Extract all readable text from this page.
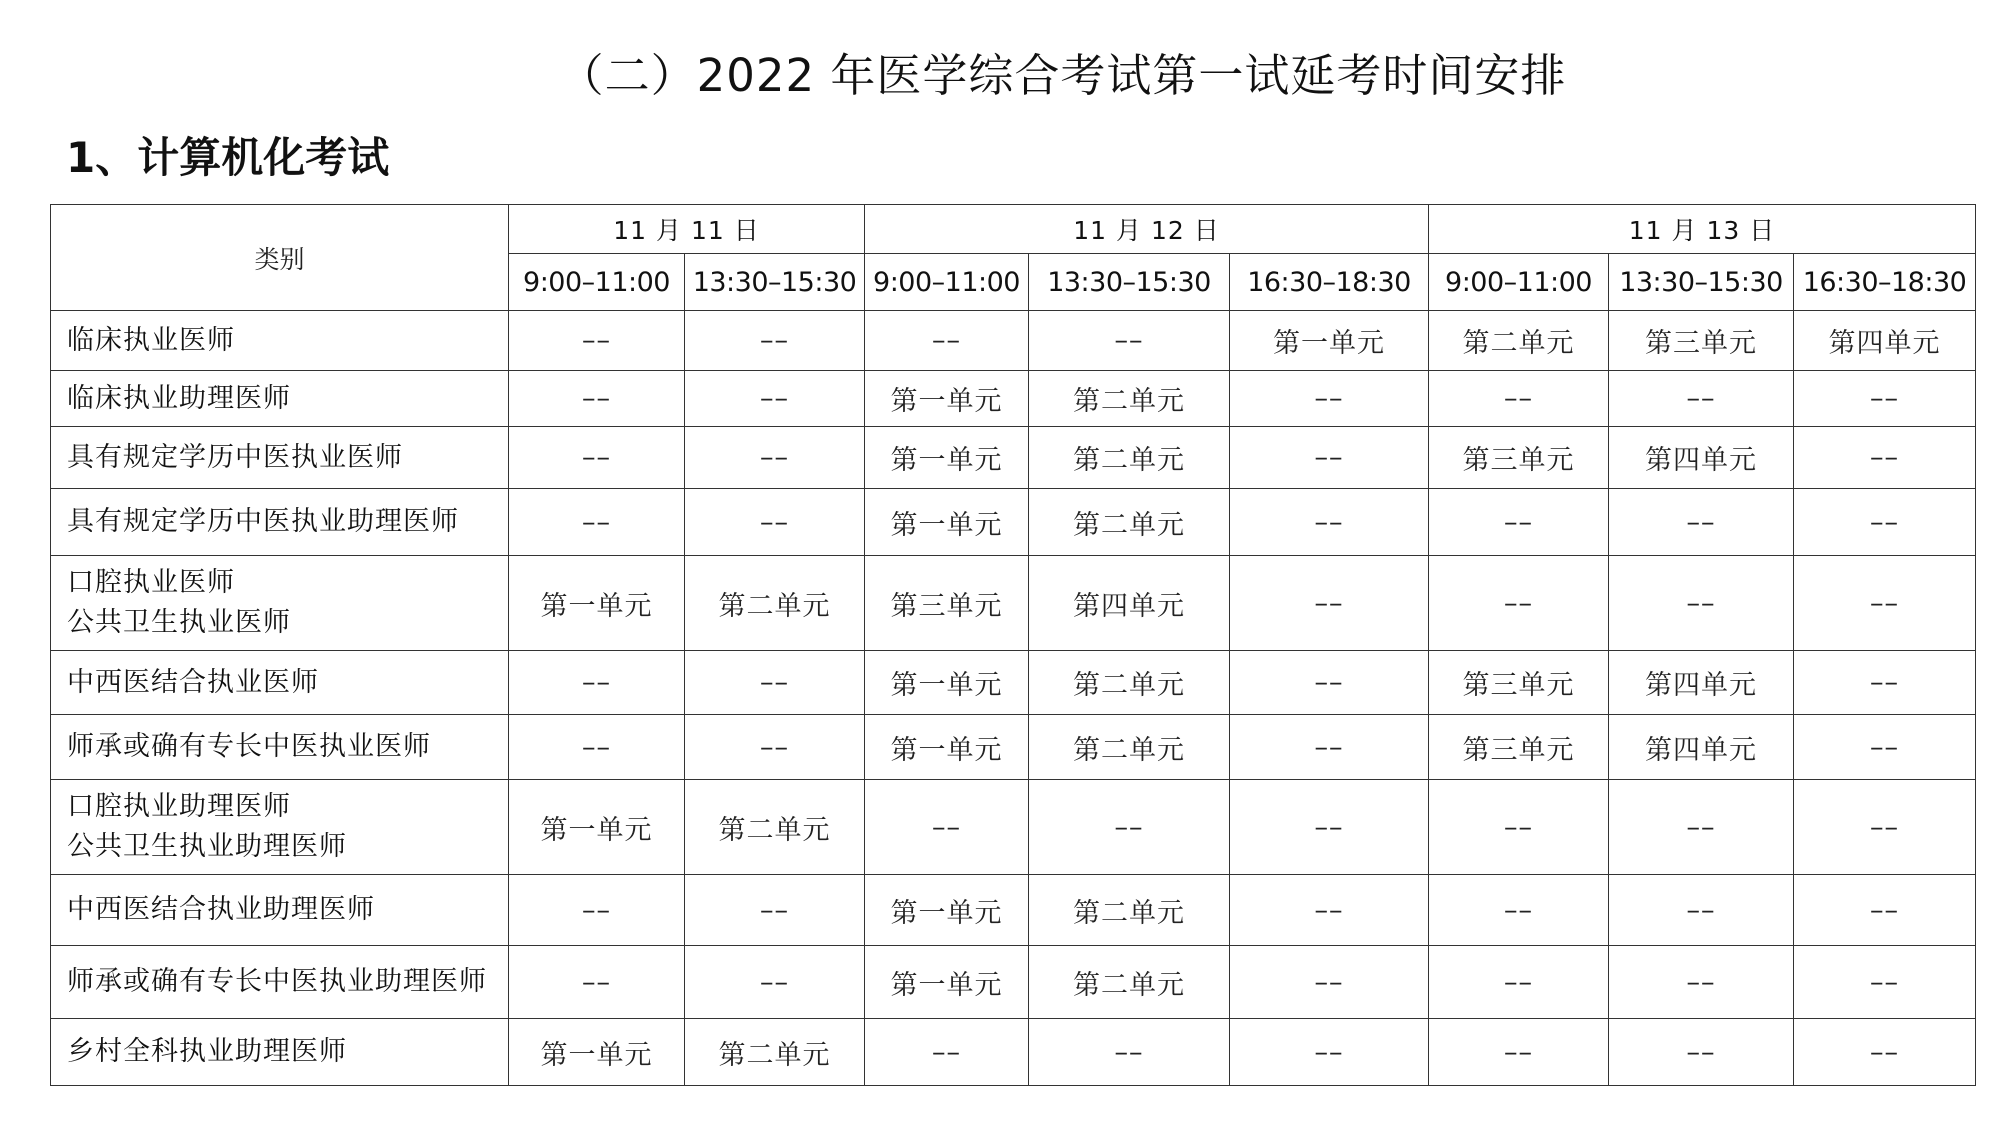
（二）2022 年医学综合考试第一试延考时间安排
1、计算机化考试
类别	11 月 11 日		11 月 12 日			11 月 13 日		
	9:00–11:00	13:30–15:30	9:00–11:00	13:30–15:30	16:30–18:30	9:00–11:00	13:30–15:30	16:30–18:30

临床执业医师	––	––	––	––	第一单元	第二单元	第三单元	第四单元

临床执业助理医师	––	––	第一单元	第二单元	––	––	––	––

具有规定学历中医执业医师	––	––	第一单元	第二单元	––	第三单元	第四单元	––

具有规定学历中医执业助理医师	––	––	第一单元	第二单元	––	––	––	––

口腔执业医师
公共卫生执业医师	第一单元	第二单元	第三单元	第四单元	––	––	––	––

中西医结合执业医师	––	––	第一单元	第二单元	––	第三单元	第四单元	––

师承或确有专长中医执业医师	––	––	第一单元	第二单元	––	第三单元	第四单元	––

口腔执业助理医师
公共卫生执业助理医师	第一单元	第二单元	––	––	––	––	––	––

中西医结合执业助理医师	––	––	第一单元	第二单元	––	––	––	––

师承或确有专长中医执业助理医师	––	––	第一单元	第二单元	––	––	––	––

乡村全科执业助理医师	第一单元	第二单元	––	––	––	––	––	––
